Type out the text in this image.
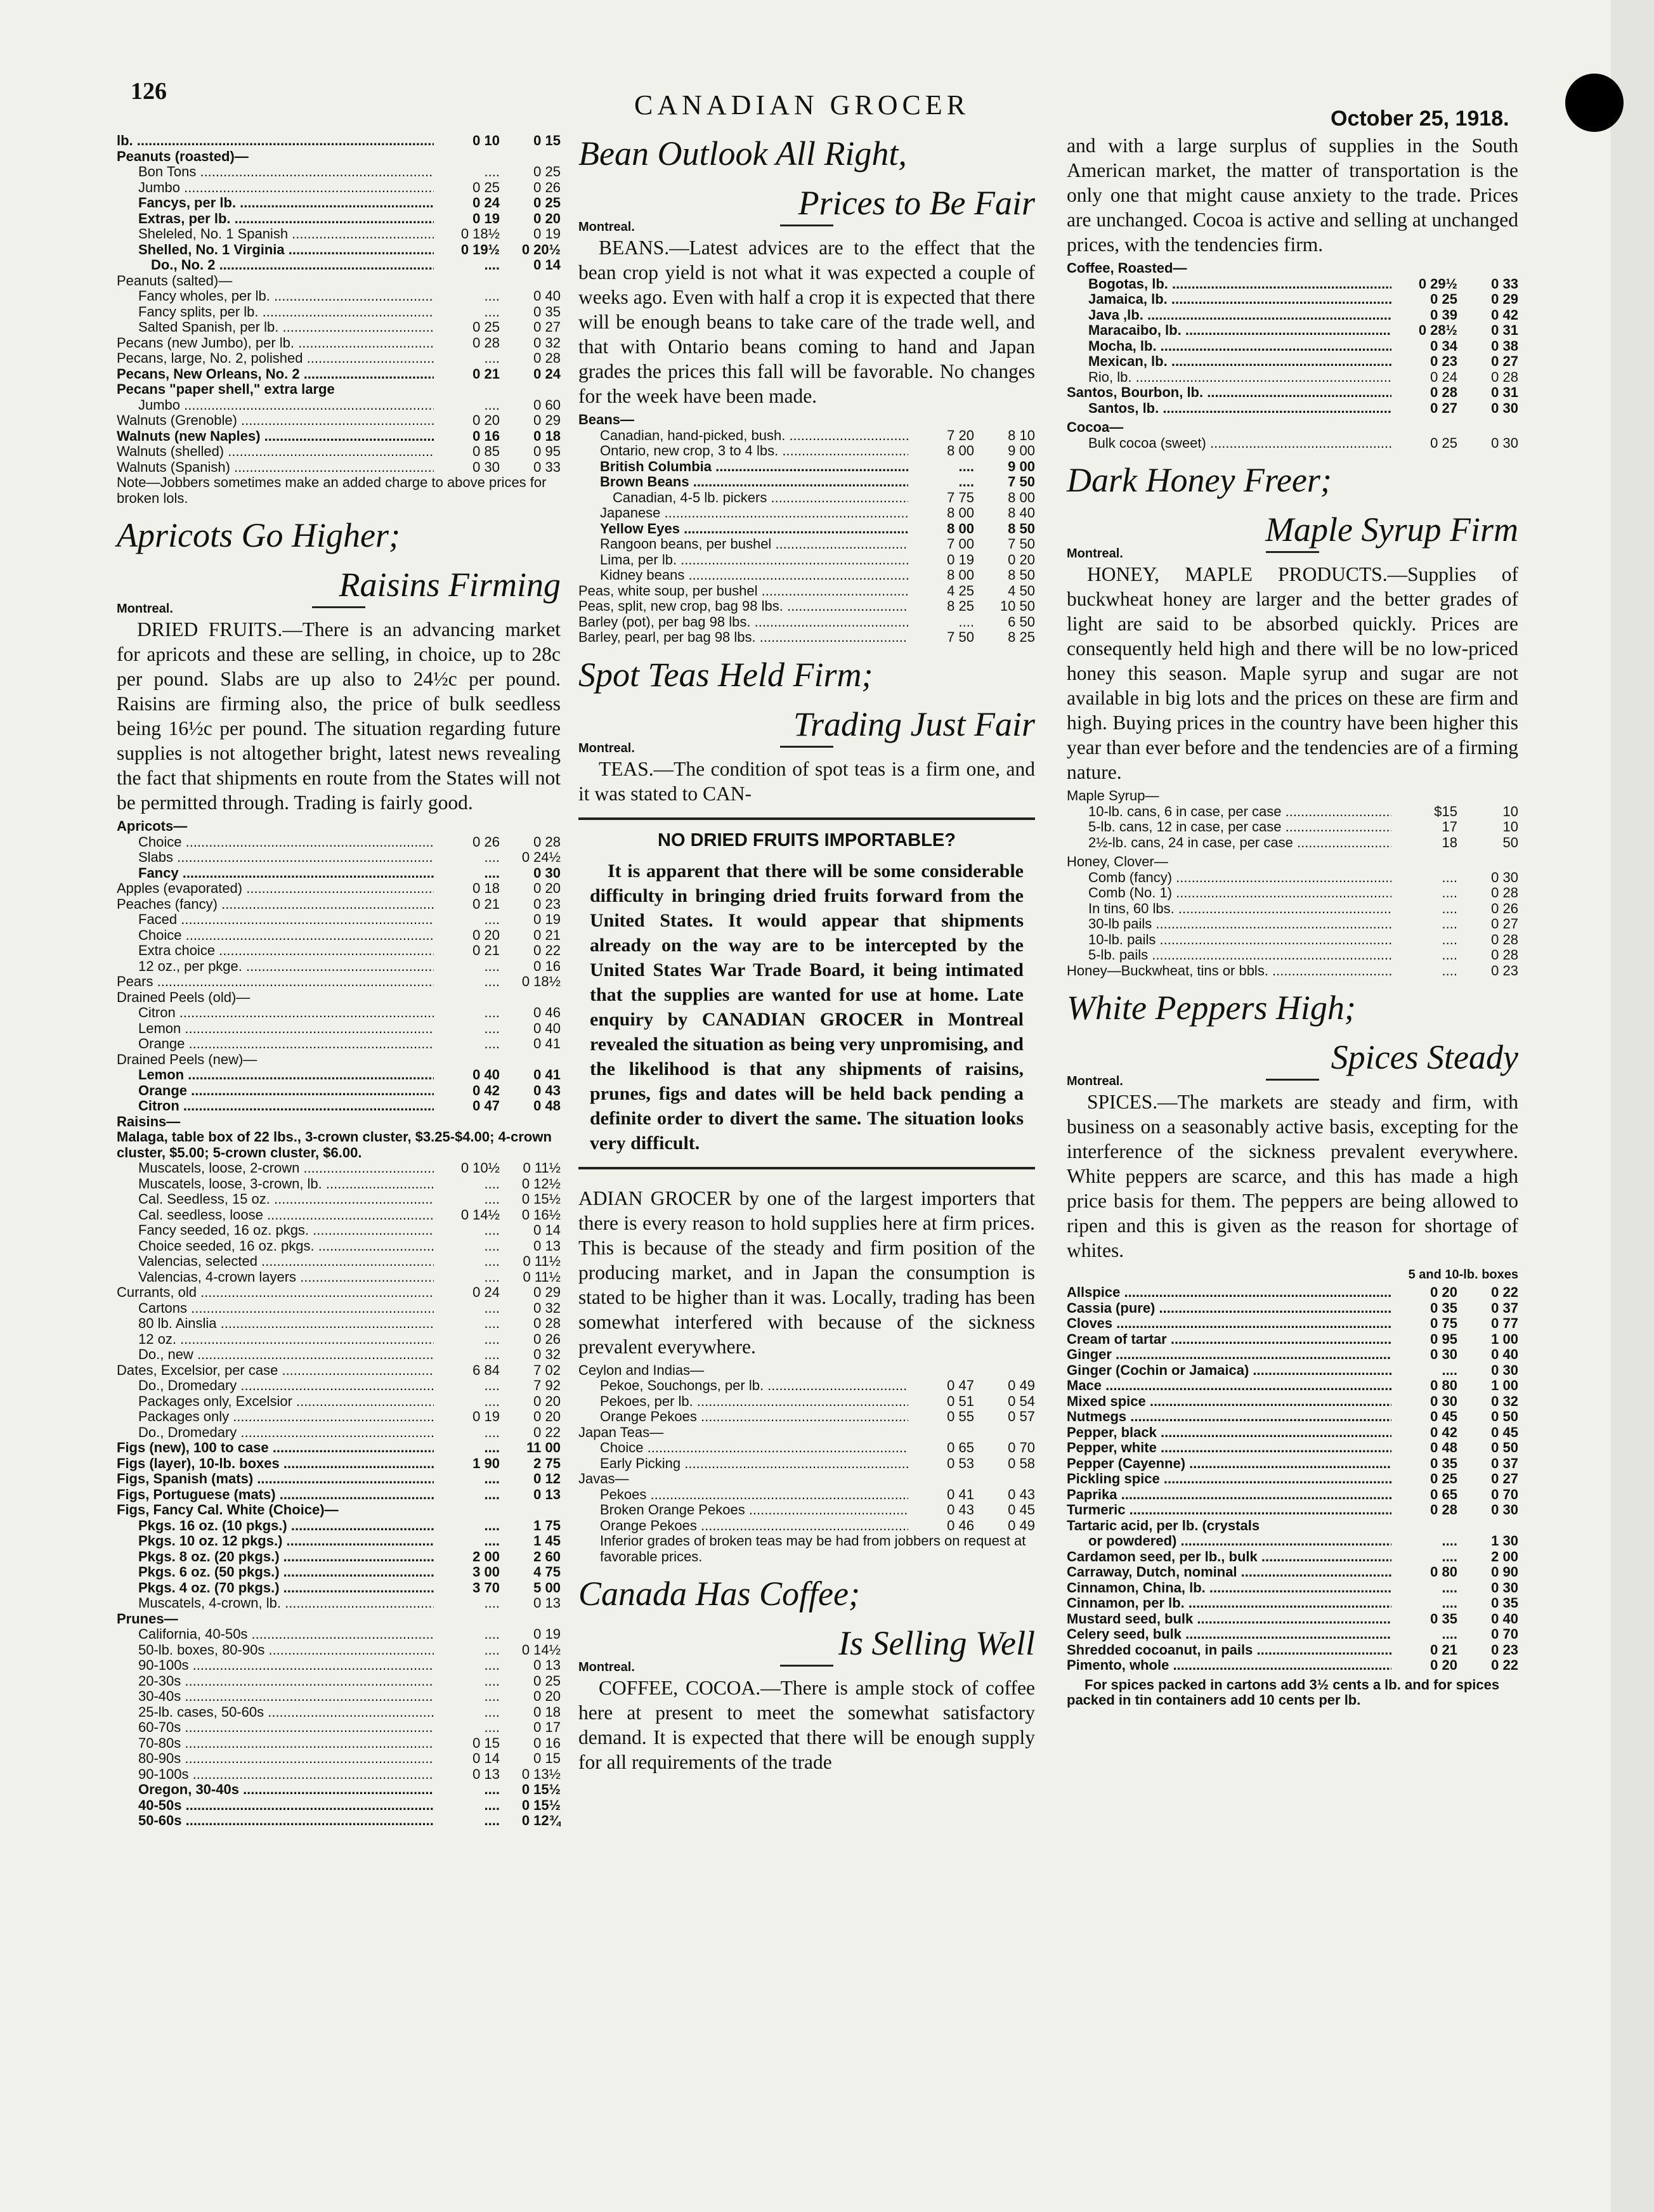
126	CANADIAN GROCER	October 25, 1918.
lb. .....	0 10	0 15
Peanuts (roasted)—
Bon Tons .....	....	0 25
Jumbo .....	0 25	0 26
Fancys, per lb. .....	0 24	0 25
Extras, per lb. .....	0 19	0 20
Sheleled, No. 1 Spanish .....	0 18½	0 19
Shelled, No. 1 Virginia .....	0 19½	0 20½
Do., No. 2 .....	....	0 14
Peanuts (salted)—
Fancy wholes, per lb. .....	....	0 40
Fancy splits, per lb. .....	....	0 35
Salted Spanish, per lb. .....	0 25	0 27
Pecans (new Jumbo), per lb. .....	0 28	0 32
Pecans, large, No. 2, polished .....	....	0 28
Pecans, New Orleans, No. 2 .....	0 21	0 24
Pecans "paper shell," extra large
Jumbo .....	....	0 60
Walnuts (Grenoble) .....	0 20	0 29
Walnuts (new Naples) .....	0 16	0 18
Walnuts (shelled) .....	0 85	0 95
Walnuts (Spanish) .....	0 30	0 33
Note—Jobbers sometimes make an added charge to above prices for broken lols.
Apricots Go Higher;
Raisins Firming
Montreal.
DRIED FRUITS.—There is an advancing market for apricots and these are selling, in choice, up to 28c per pound. Slabs are up also to 24½c per pound. Raisins are firming also, the price of bulk seedless being 16½c per pound. The situation regarding future supplies is not altogether bright, latest news revealing the fact that shipments en route from the States will not be permitted through. Trading is fairly good.
Apricots—
Choice .....	0 26	0 28
Slabs .....	....	0 24½
Fancy .....	....	0 30
Apples (evaporated) .....	0 18	0 20
Peaches (fancy) .....	0 21	0 23
Faced .....	....	0 19
Choice .....	0 20	0 21
Extra choice .....	0 21	0 22
12 oz., per pkge. .....	....	0 16
Pears .....	....	0 18½
Drained Peels (old)—
Citron .....	....	0 46
Lemon .....	....	0 40
Orange .....	....	0 41
Drained Peels (new)—
Lemon .....	0 40	0 41
Orange .....	0 42	0 43
Citron .....	0 47	0 48
Raisins—
Malaga, table box of 22 lbs., 3-crown cluster, $3.25-$4.00; 4-crown cluster, $5.00; 5-crown cluster, $6.00.
Muscatels, loose, 2-crown .....	0 10½	0 11½
Muscatels, loose, 3-crown, lb. .....	....	0 12½
Cal. Seedless, 15 oz. .....	....	0 15½
Cal. seedless, loose .....	0 14½	0 16½
Fancy seeded, 16 oz. pkgs. .....	....	0 14
Choice seeded, 16 oz. pkgs. .....	....	0 13
Valencias, selected .....	....	0 11½
Valencias, 4-crown layers .....	....	0 11½
Currants, old .....	0 24	0 29
Cartons .....	....	0 32
80 lb. Ainslia .....	....	0 28
12 oz. .....	....	0 26
Do., new .....	....	0 32
Dates, Excelsior, per case .....	6 84	7 02
Do., Dromedary .....	....	7 92
Packages only, Excelsior .....	....	0 20
Packages only .....	0 19	0 20
Do., Dromedary .....	....	0 22
Figs (new), 100 to case .....	....	11 00
Figs (layer), 10-lb. boxes .....	1 90	2 75
Figs, Spanish (mats) .....	....	0 12
Figs, Portuguese (mats) .....	....	0 13
Figs, Fancy Cal. White (Choice)—
Pkgs. 16 oz. (10 pkgs.) .....	....	1 75
Pkgs. 10 oz. 12 pkgs.) .....	....	1 45
Pkgs. 8 oz. (20 pkgs.) .....	2 00	2 60
Pkgs. 6 oz. (50 pkgs.) .....	3 00	4 75
Pkgs. 4 oz. (70 pkgs.) .....	3 70	5 00
Muscatels, 4-crown, lb. .....	....	0 13
Prunes—
California, 40-50s .....	....	0 19
50-lb. boxes, 80-90s .....	....	0 14½
90-100s .....	....	0 13
20-30s .....	....	0 25
30-40s .....	....	0 20
25-lb. cases, 50-60s .....	....	0 18
60-70s .....	....	0 17
70-80s .....	0 15	0 16
80-90s .....	0 14	0 15
90-100s .....	0 13	0 13½
Oregon, 30-40s .....	....	0 15½
40-50s .....	....	0 15½
50-60s .....	....	0 12¾
Bean Outlook All Right,
Prices to Be Fair
Montreal.
BEANS.—Latest advices are to the effect that the bean crop yield is not what it was expected a couple of weeks ago. Even with half a crop it is expected that there will be enough beans to take care of the trade well, and that with Ontario beans coming to hand and Japan grades the prices this fall will be favorable. No changes for the week have been made.
Beans—
Canadian, hand-picked, bush. .....	7 20	8 10
Ontario, new crop, 3 to 4 lbs. .....	8 00	9 00
British Columbia .....	....	9 00
Brown Beans .....	....	7 50
Canadian, 4-5 lb. pickers .....	7 75	8 00
Japanese .....	8 00	8 40
Yellow Eyes .....	8 00	8 50
Rangoon beans, per bushel .....	7 00	7 50
Lima, per lb. .....	0 19	0 20
Kidney beans .....	8 00	8 50
Peas, white soup, per bushel .....	4 25	4 50
Peas, split, new crop, bag 98 lbs. .....	8 25	10 50
Barley (pot), per bag 98 lbs. .....	....	6 50
Barley, pearl, per bag 98 lbs. .....	7 50	8 25
Spot Teas Held Firm;
Trading Just Fair
Montreal.
TEAS.—The condition of spot teas is a firm one, and it was stated to CAN-
NO DRIED FRUITS IMPORTABLE?
It is apparent that there will be some considerable difficulty in bringing dried fruits forward from the United States. It would appear that shipments already on the way are to be intercepted by the United States War Trade Board, it being intimated that the supplies are wanted for use at home. Late enquiry by CANADIAN GROCER in Montreal revealed the situation as being very unpromising, and the likelihood is that any shipments of raisins, prunes, figs and dates will be held back pending a definite order to divert the same. The situation looks very difficult.
ADIAN GROCER by one of the largest importers that there is every reason to hold supplies here at firm prices. This is because of the steady and firm position of the producing market, and in Japan the consumption is stated to be higher than it was. Locally, trading has been somewhat interfered with because of the sickness prevalent everywhere.
Ceylon and Indias—
Pekoe, Souchongs, per lb. .....	0 47	0 49
Pekoes, per lb. .....	0 51	0 54
Orange Pekoes .....	0 55	0 57
Japan Teas—
Choice .....	0 65	0 70
Early Picking .....	0 53	0 58
Javas—
Pekoes .....	0 41	0 43
Broken Orange Pekoes .....	0 43	0 45
Orange Pekoes .....	0 46	0 49
Inferior grades of broken teas may be had from jobbers on request at favorable prices.
Canada Has Coffee;
Is Selling Well
Montreal.
COFFEE, COCOA.—There is ample stock of coffee here at present to meet the somewhat satisfactory demand. It is expected that there will be enough supply for all requirements of the trade
and with a large surplus of supplies in the South American market, the matter of transportation is the only one that might cause anxiety to the trade. Prices are unchanged. Cocoa is active and selling at unchanged prices, with the tendencies firm.
Coffee, Roasted—
Bogotas, lb. .....	0 29½	0 33
Jamaica, lb. .....	0 25	0 29
Java ,lb. .....	0 39	0 42
Maracaibo, lb. .....	0 28½	0 31
Mocha, lb. .....	0 34	0 38
Mexican, lb. .....	0 23	0 27
Rio, lb. .....	0 24	0 28
Santos, Bourbon, lb. .....	0 28	0 31
Santos, lb. .....	0 27	0 30
Cocoa—
Bulk cocoa (sweet) .....	0 25	0 30
Dark Honey Freer;
Maple Syrup Firm
Montreal.
HONEY, MAPLE PRODUCTS.—Supplies of buckwheat honey are larger and the better grades of light are said to be absorbed quickly. Prices are consequently held high and there will be no low-priced honey this season. Maple syrup and sugar are not available in big lots and the prices on these are firm and high. Buying prices in the country have been higher this year than ever before and the tendencies are of a firming nature.
Maple Syrup—
10-lb. cans, 6 in case, per case .....	$15	10
5-lb. cans, 12 in case, per case .....	17	10
2½-lb. cans, 24 in case, per case .....	18	50
Honey, Clover—
Comb (fancy) .....	....	0 30
Comb (No. 1) .....	....	0 28
In tins, 60 lbs. .....	....	0 26
30-lb pails .....	....	0 27
10-lb. pails .....	....	0 28
5-lb. pails .....	....	0 28
Honey—Buckwheat, tins or bbls. .....	....	0 23
White Peppers High;
Spices Steady
Montreal.
SPICES.—The markets are steady and firm, with business on a seasonably active basis, excepting for the interference of the sickness prevalent everywhere. White peppers are scarce, and this has made a high price basis for them. The peppers are being allowed to ripen and this is given as the reason for shortage of whites.
5 and 10-lb. boxes
Allspice .....	0 20	0 22
Cassia (pure) .....	0 35	0 37
Cloves .....	0 75	0 77
Cream of tartar .....	0 95	1 00
Ginger .....	0 30	0 40
Ginger (Cochin or Jamaica) .....	....	0 30
Mace .....	0 80	1 00
Mixed spice .....	0 30	0 32
Nutmegs .....	0 45	0 50
Pepper, black .....	0 42	0 45
Pepper, white .....	0 48	0 50
Pepper (Cayenne) .....	0 35	0 37
Pickling spice .....	0 25	0 27
Paprika .....	0 65	0 70
Turmeric .....	0 28	0 30
Tartaric acid, per lb. (crystals
or powdered) .....	....	1 30
Cardamon seed, per lb., bulk .....	....	2 00
Carraway, Dutch, nominal .....	0 80	0 90
Cinnamon, China, lb. .....	....	0 30
Cinnamon, per lb. .....	....	0 35
Mustard seed, bulk .....	0 35	0 40
Celery seed, bulk .....	....	0 70
Shredded cocoanut, in pails .....	0 21	0 23
Pimento, whole .....	0 20	0 22
For spices packed in cartons add 3½ cents a lb. and for spices packed in tin containers add 10 cents per lb.
